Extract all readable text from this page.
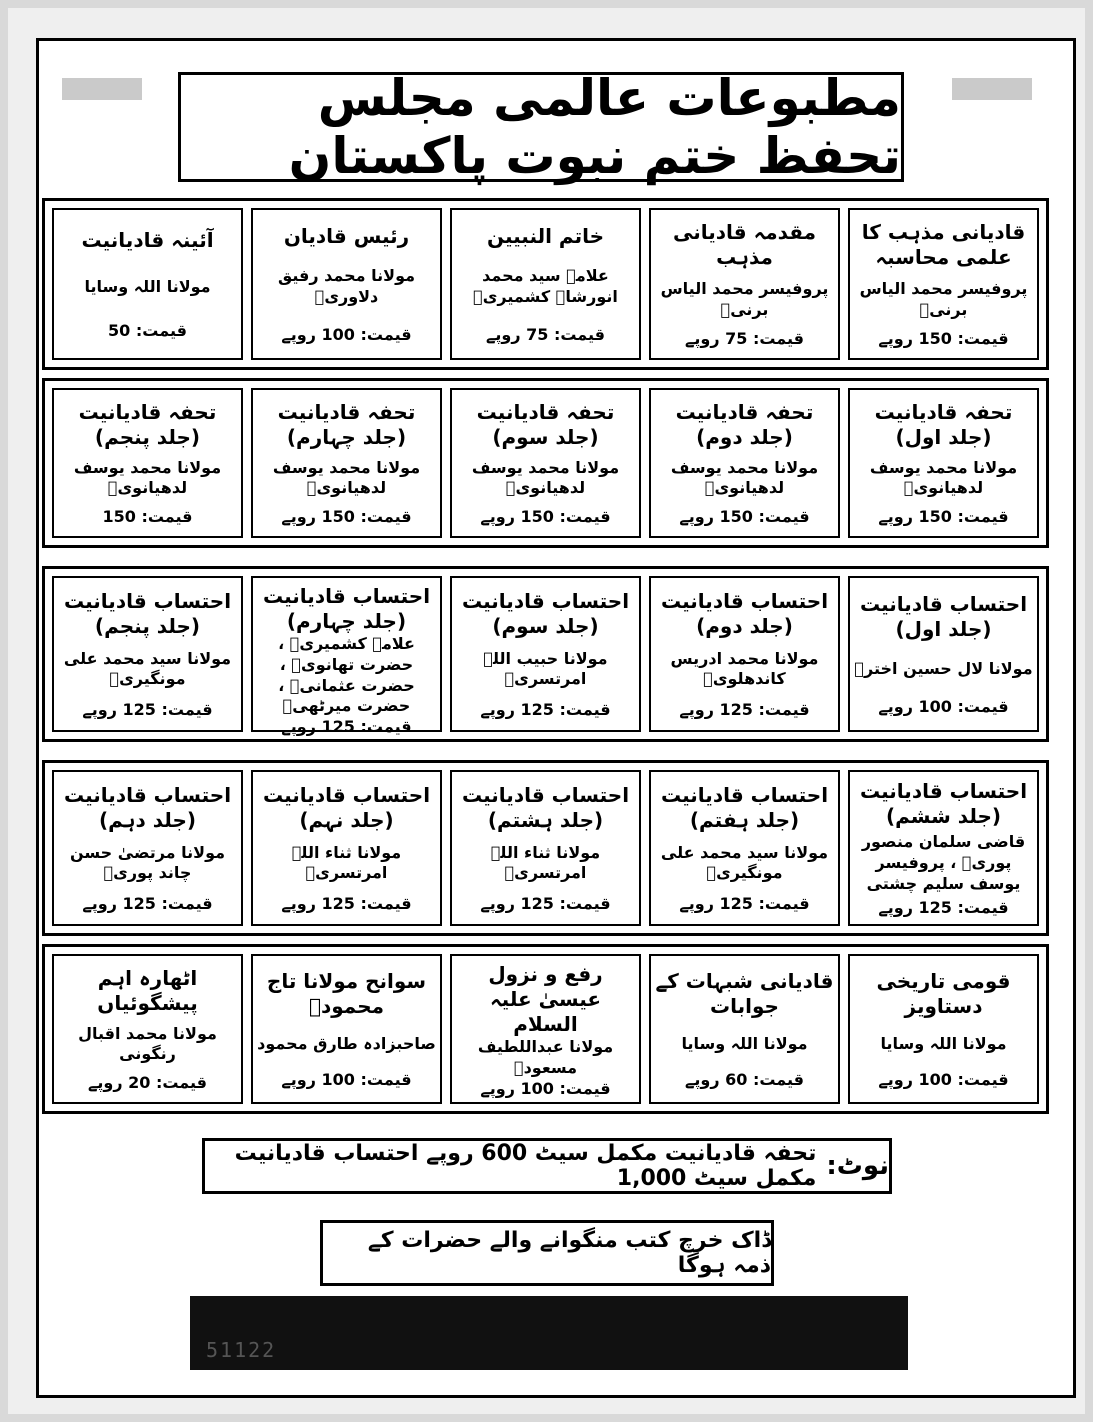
مطبوعات عالمی مجلس تحفظ ختم نبوت پاکستان
قادیانی مذہب کا علمی محاسبہ
پروفیسر محمد الیاس برنیؒ
قیمت: 150 روپے
مقدمہ قادیانی مذہب
پروفیسر محمد الیاس برنیؒ
قیمت: 75 روپے
خاتم النبیین
علامہ سید محمد انورشاہ کشمیریؒ
قیمت: 75 روپے
رئیس قادیان
مولانا محمد رفیق دلاوریؒ
قیمت: 100 روپے
آئینہ قادیانیت
مولانا اللہ وسایا
قیمت: 50
تحفہ قادیانیت (جلد اول)
مولانا محمد یوسف لدھیانویؒ
قیمت: 150 روپے
تحفہ قادیانیت (جلد دوم)
مولانا محمد یوسف لدھیانویؒ
قیمت: 150 روپے
تحفہ قادیانیت (جلد سوم)
مولانا محمد یوسف لدھیانویؒ
قیمت: 150 روپے
تحفہ قادیانیت (جلد چہارم)
مولانا محمد یوسف لدھیانویؒ
قیمت: 150 روپے
تحفہ قادیانیت (جلد پنجم)
مولانا محمد یوسف لدھیانویؒ
قیمت: 150
احتساب قادیانیت (جلد اول)
مولانا لال حسین اخترؒ
قیمت: 100 روپے
احتساب قادیانیت (جلد دوم)
مولانا محمد ادریس کاندھلویؒ
قیمت: 125 روپے
احتساب قادیانیت (جلد سوم)
مولانا حبیب اللہ امرتسریؒ
قیمت: 125 روپے
احتساب قادیانیت (جلد چہارم)
علامہ کشمیریؒ ، حضرت تھانویؒ ، حضرت عثمانیؒ ، حضرت میرٹھیؒ
قیمت: 125 روپے
احتساب قادیانیت (جلد پنجم)
مولانا سید محمد علی مونگیریؒ
قیمت: 125 روپے
احتساب قادیانیت (جلد ششم)
قاضی سلمان منصور پوریؒ ، پروفیسر یوسف سلیم چشتی
قیمت: 125 روپے
احتساب قادیانیت (جلد ہفتم)
مولانا سید محمد علی مونگیریؒ
قیمت: 125 روپے
احتساب قادیانیت (جلد ہشتم)
مولانا ثناء اللہ امرتسریؒ
قیمت: 125 روپے
احتساب قادیانیت (جلد نہم)
مولانا ثناء اللہ امرتسریؒ
قیمت: 125 روپے
احتساب قادیانیت (جلد دہم)
مولانا مرتضیٰ حسن چاند پوریؒ
قیمت: 125 روپے
قومی تاریخی دستاویز
مولانا اللہ وسایا
قیمت: 100 روپے
قادیانی شبہات کے جوابات
مولانا اللہ وسایا
قیمت: 60 روپے
رفع و نزول عیسیٰ علیہ السلام
مولانا عبداللطیف مسعودؒ
قیمت: 100 روپے
سوانح مولانا تاج محمودؒ
صاحبزادہ طارق محمود
قیمت: 100 روپے
اٹھارہ اہم پیشگوئیاں
مولانا محمد اقبال رنگونی
قیمت: 20 روپے
نوٹ:
تحفہ قادیانیت مکمل سیٹ 600 روپے احتساب قادیانیت مکمل سیٹ 1,000
ڈاک خرچ کتب منگوانے والے حضرات کے ذمہ ہوگا
51122
